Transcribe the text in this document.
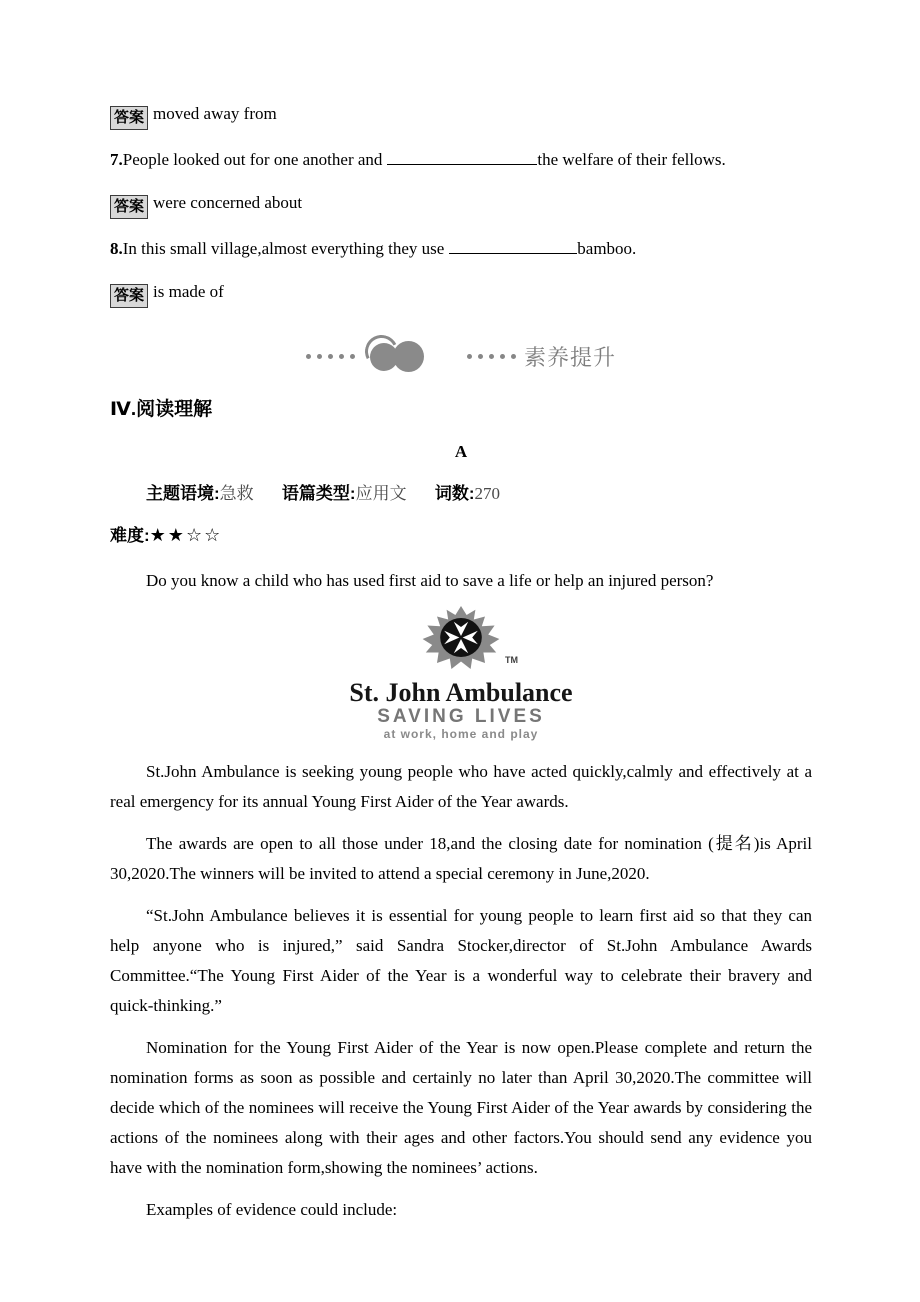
答案 moved away from
7.People looked out for one another and	the welfare of their fellows.
答案 were concerned about
8.In this small village,almost everything they use	bamboo.
答案 is made of
素养提升
Ⅳ.阅读理解
A
主题语境:急救 语篇类型:应用文 词数:270
难度:★★☆☆
Do you know a child who has used first aid to save a life or help an injured person?
TM
St. John Ambulance
SAVING LIVES
at work, home and play
St.John Ambulance is seeking young people who have acted quickly,calmly and effectively at a real emergency for its annual Young First Aider of the Year awards.
The awards are open to all those under 18,and the closing date for nomination (提名)is April 30,2020.The winners will be invited to attend a special ceremony in June,2020.
“St.John Ambulance believes it is essential for young people to learn first aid so that they can help anyone who is injured,” said Sandra Stocker,director of St.John Ambulance Awards Committee.“The Young First Aider of the Year is a wonderful way to celebrate their bravery and quick-thinking.”
Nomination for the Young First Aider of the Year is now open.Please complete and return the nomination forms as soon as possible and certainly no later than April 30,2020.The committee will decide which of the nominees will receive the Young First Aider of the Year awards by considering the actions of the nominees along with their ages and other factors.You should send any evidence you have with the nomination form,showing the nominees’ actions.
Examples of evidence could include:
